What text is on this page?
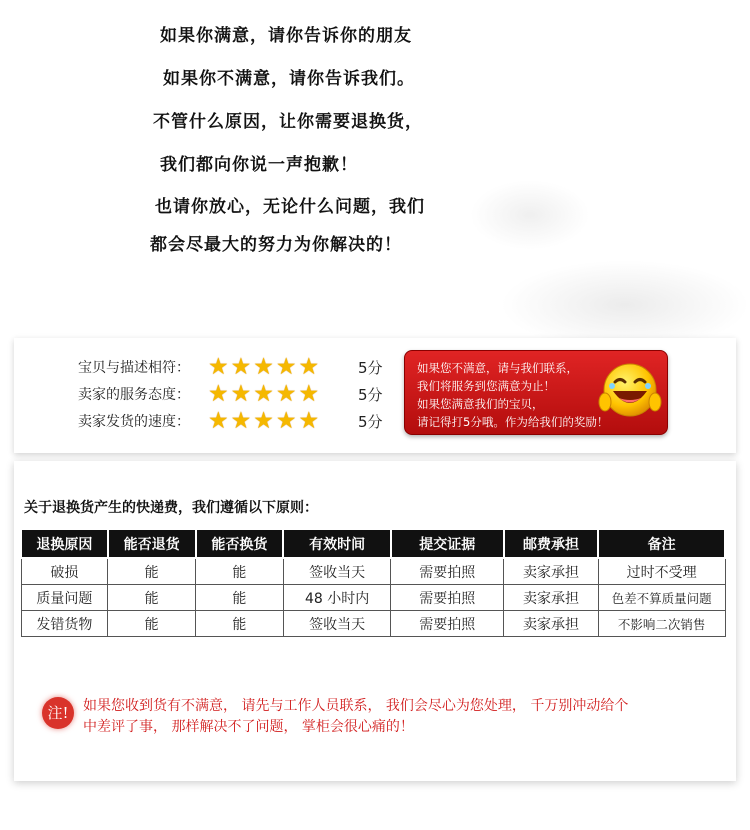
如果你满意，请你告诉你的朋友
如果你不满意，请你告诉我们。
不管什么原因，让你需要退换货，
我们都向你说一声抱歉！
也请你放心，无论什么问题，我们
都会尽最大的努力为你解决的！
宝贝与描述相符： ★ ★ ★ ★ ★	5分
卖家的服务态度： ★ ★ ★ ★ ★	5分
卖家发货的速度： ★ ★ ★ ★ ★	5分
如果您不满意，请与我们联系，
我们将服务到您满意为止！
如果您满意我们的宝贝，
请记得打5分哦。作为给我们的奖励！
关于退换货产生的快递费，我们遵循以下原则：
退换原因	能否退货	能否换货	有效时间	提交证据	邮费承担	备注
破损	能	能	签收当天	需要拍照	卖家承担	过时不受理
质量问题	能	能	48 小时内	需要拍照	卖家承担	色差不算质量问题
发错货物	能	能	签收当天	需要拍照	卖家承担	不影响二次销售
注!	如果您收到货有不满意， 请先与工作人员联系， 我们会尽心为您处理， 千万别冲动给个
中差评了事， 那样解决不了问题， 掌柜会很心痛的！
